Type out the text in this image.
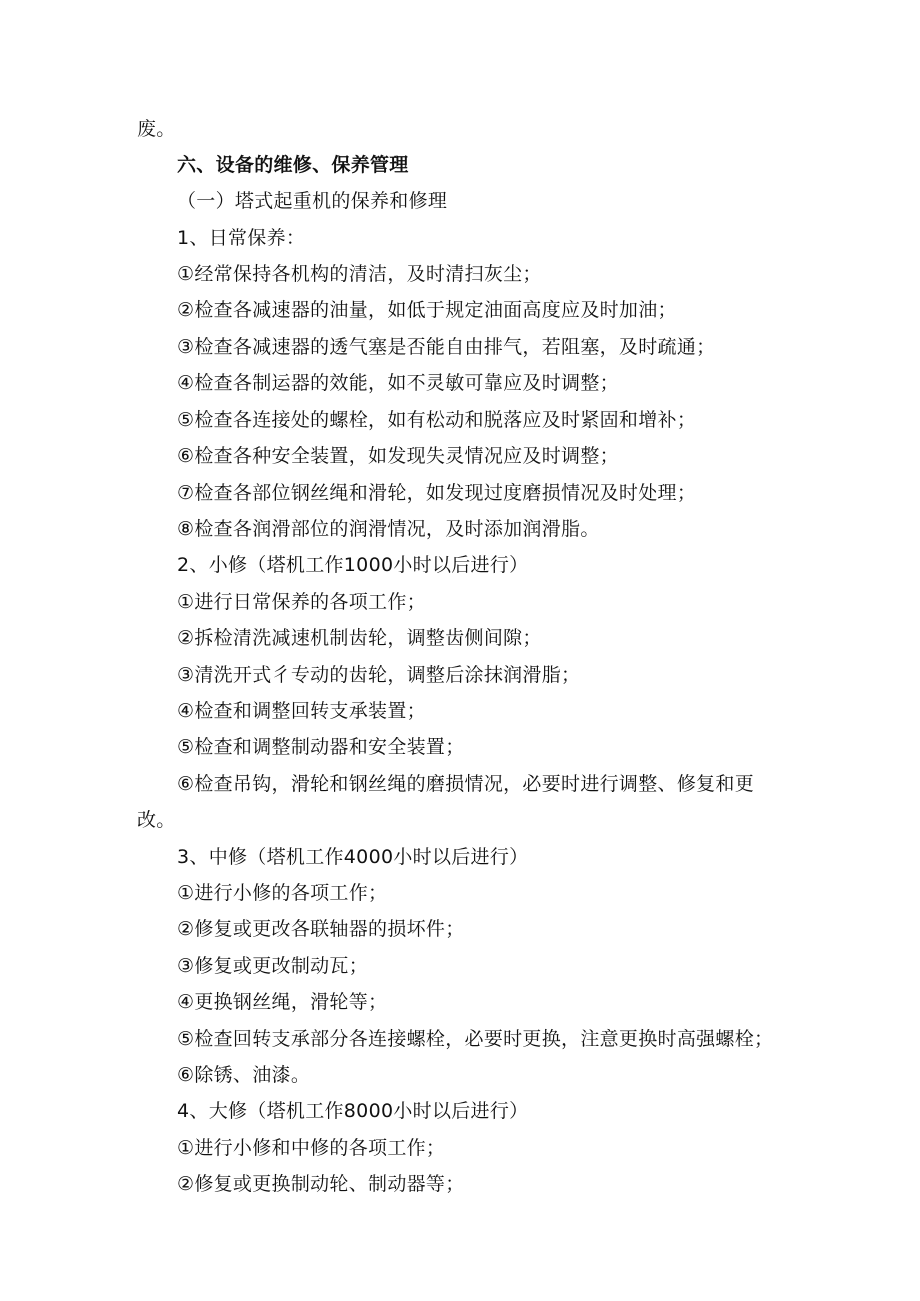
废。
六、设备的维修、保养管理
（一）塔式起重机的保养和修理
1、日常保养：
①经常保持各机构的清洁，及时清扫灰尘；
②检查各减速器的油量，如低于规定油面高度应及时加油；
③检查各减速器的透气塞是否能自由排气，若阻塞，及时疏通；
④检查各制运器的效能，如不灵敏可靠应及时调整；
⑤检查各连接处的螺栓，如有松动和脱落应及时紧固和增补；
⑥检查各种安全装置，如发现失灵情况应及时调整；
⑦检查各部位钢丝绳和滑轮，如发现过度磨损情况及时处理；
⑧检查各润滑部位的润滑情况，及时添加润滑脂。
2、小修（塔机工作1000小时以后进行）
①进行日常保养的各项工作；
②拆检清洗减速机制齿轮，调整齿侧间隙；
③清洗开式彳专动的齿轮，调整后涂抹润滑脂；
④检查和调整回转支承装置；
⑤检查和调整制动器和安全装置；
⑥检查吊钩，滑轮和钢丝绳的磨损情况，必要时进行调整、修复和更
改。
3、中修（塔机工作4000小时以后进行）
①进行小修的各项工作；
②修复或更改各联轴器的损坏件；
③修复或更改制动瓦；
④更换钢丝绳，滑轮等；
⑤检查回转支承部分各连接螺栓，必要时更换，注意更换时高强螺栓；
⑥除锈、油漆。
4、大修（塔机工作8000小时以后进行）
①进行小修和中修的各项工作；
②修复或更换制动轮、制动器等；
